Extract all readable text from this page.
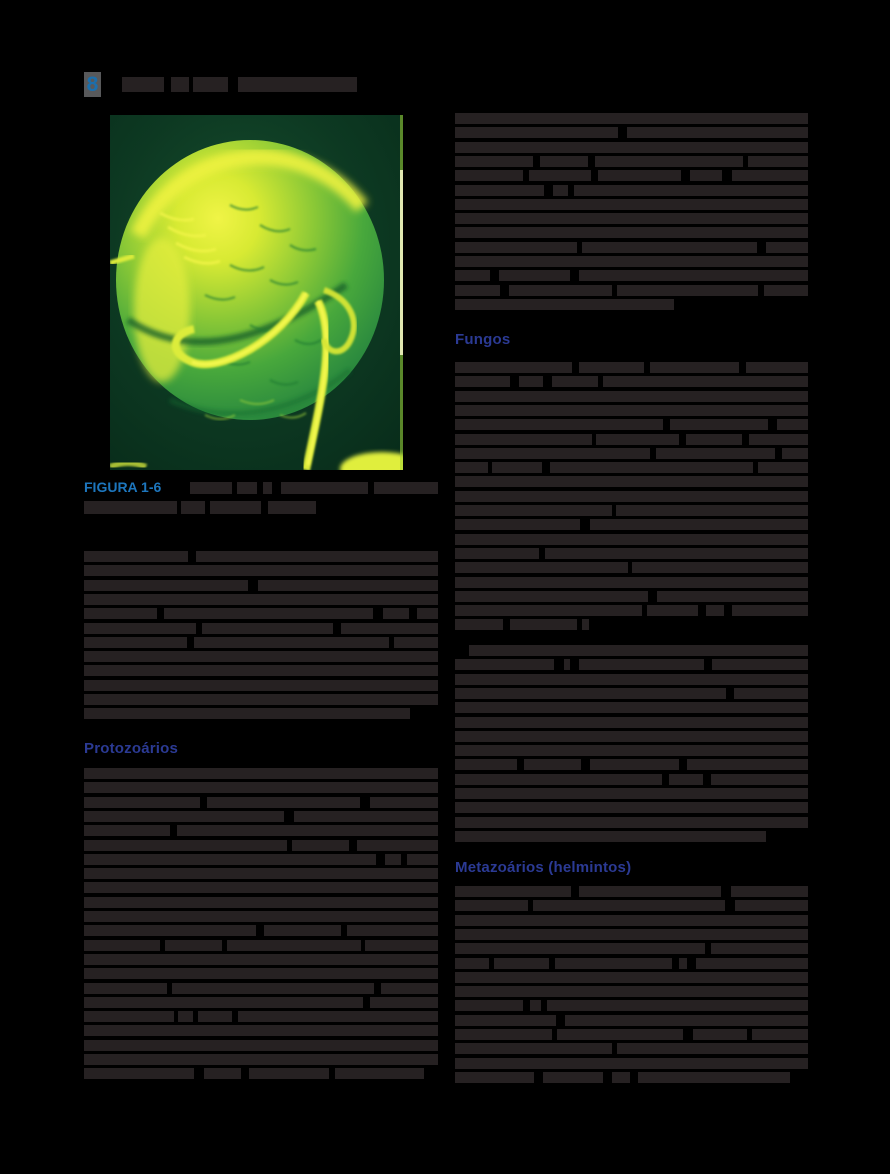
8
FIGURA 1-6
Protozoários
Fungos
Metazoários (helmintos)
